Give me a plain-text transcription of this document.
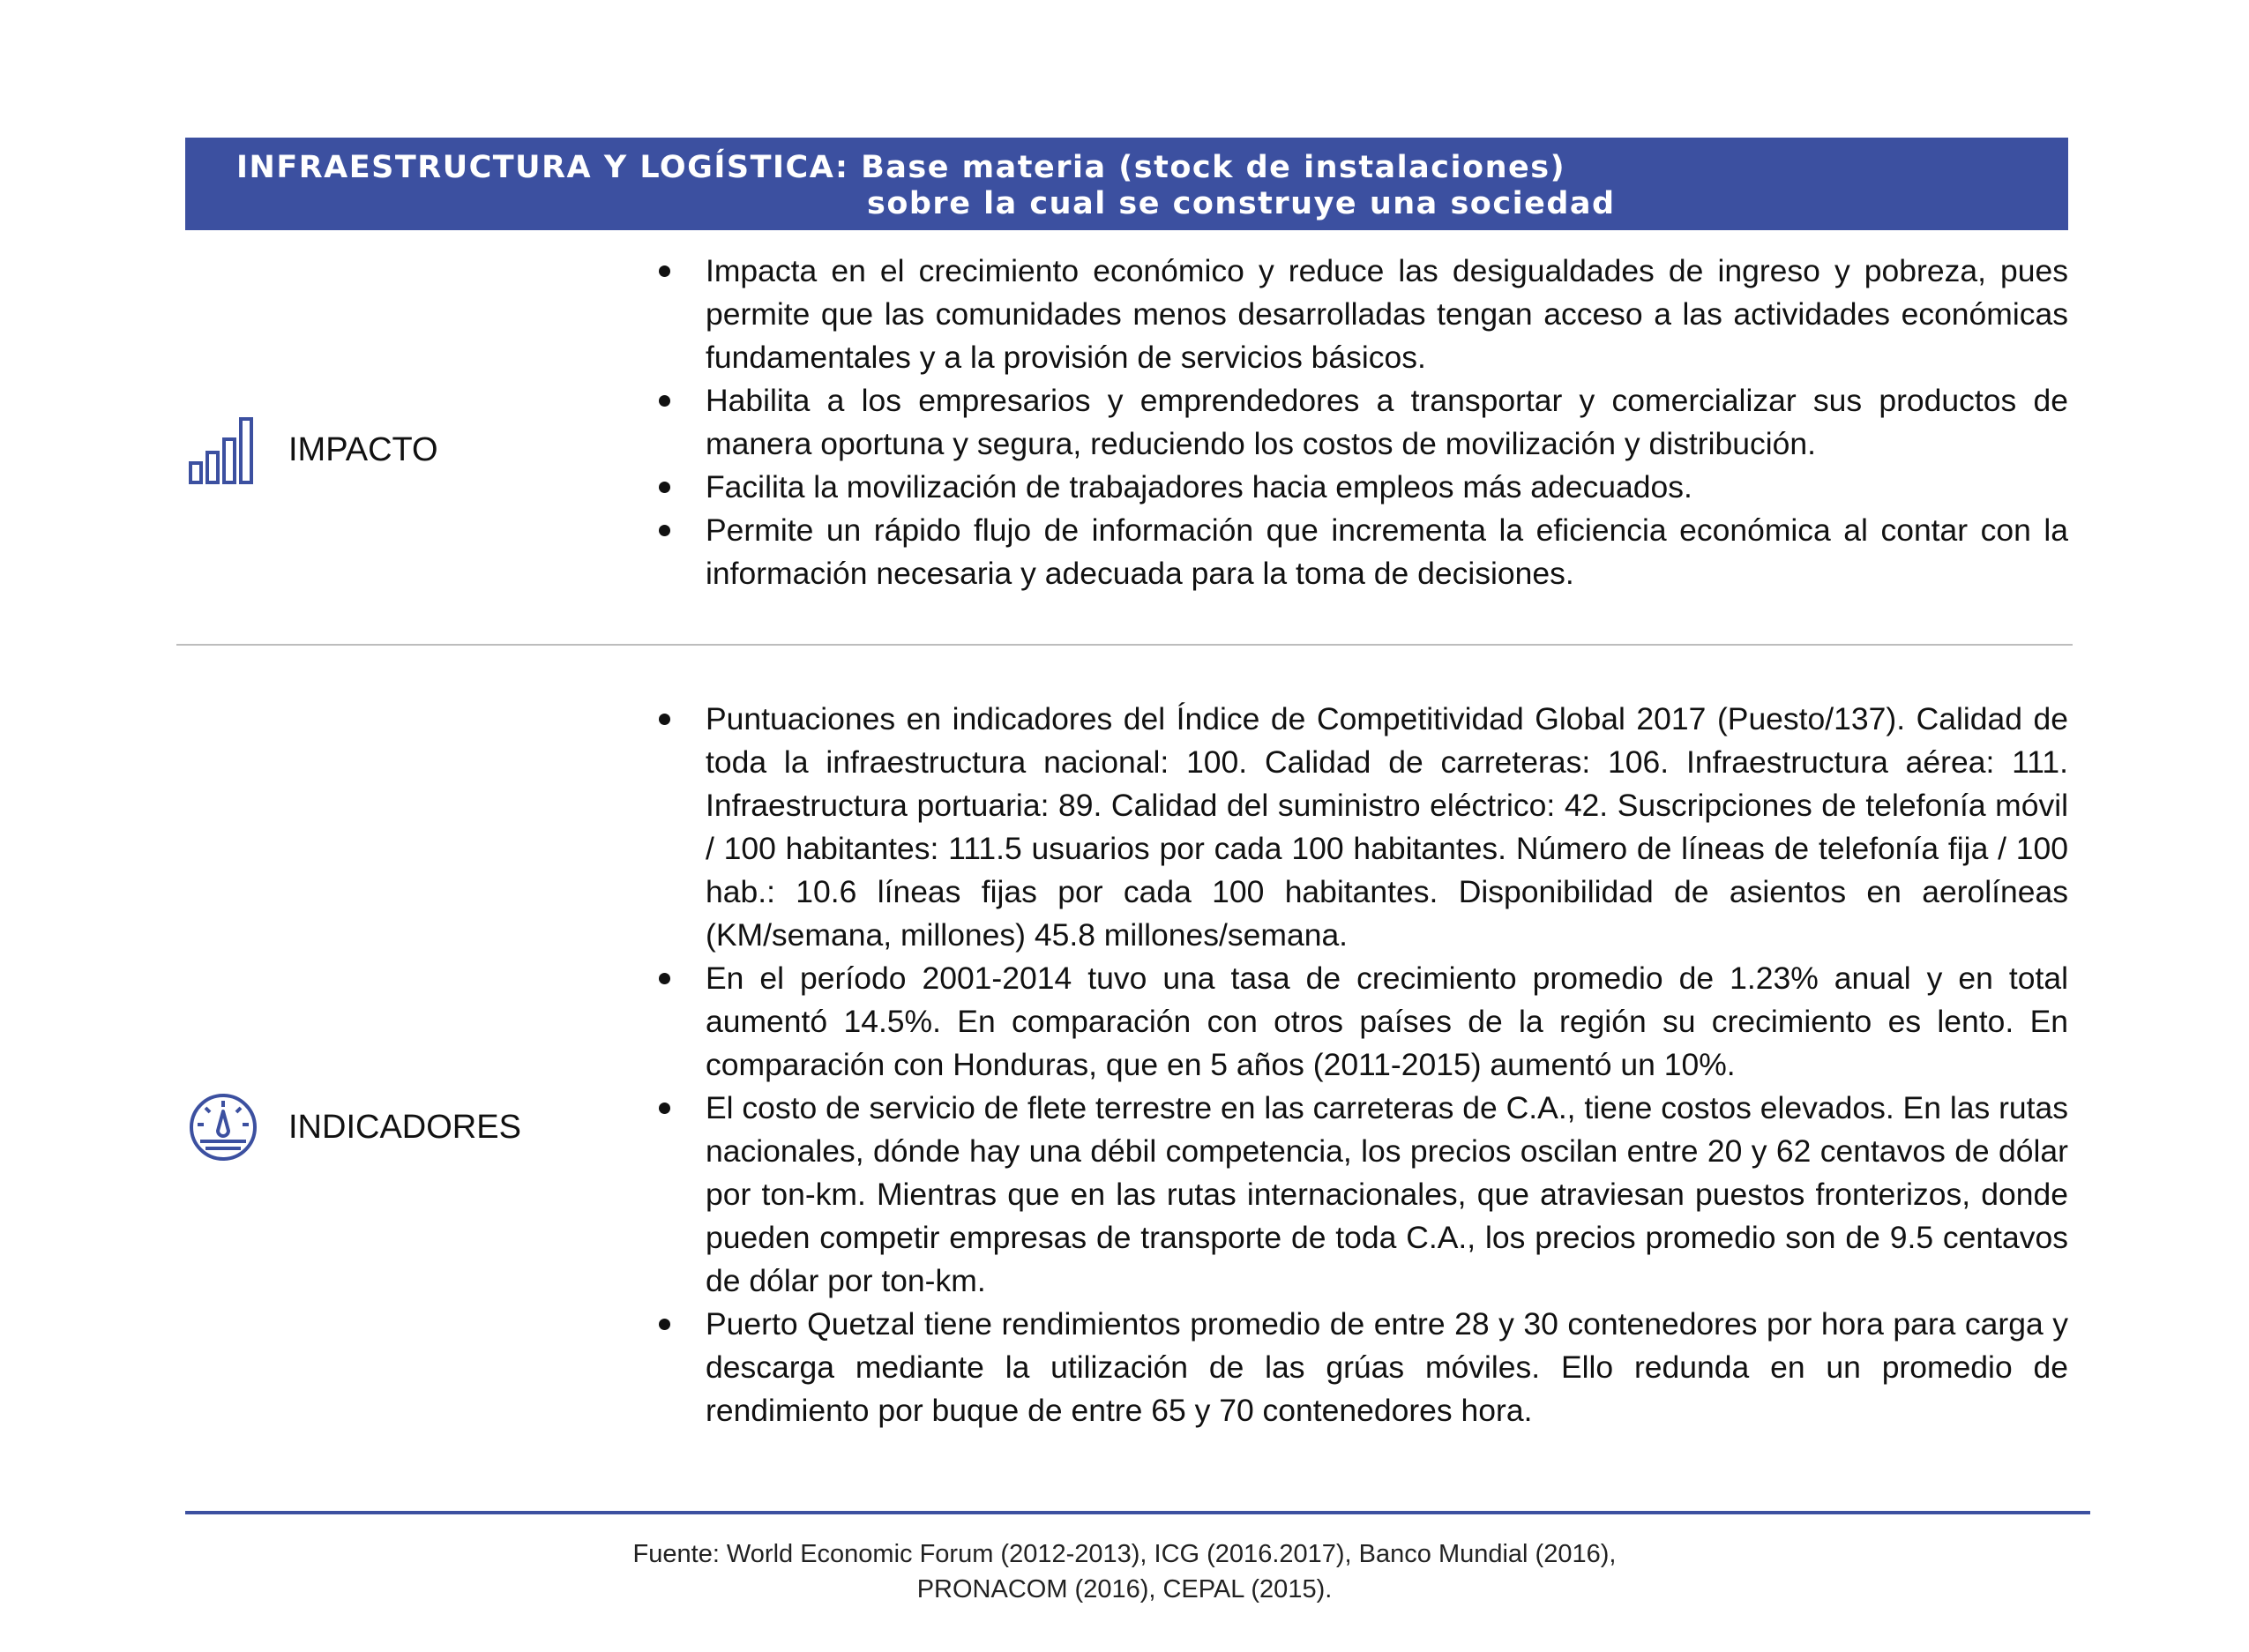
INFRAESTRUCTURA Y LOGÍSTICA: Base materia (stock de instalaciones)
sobre la cual se construye una sociedad
IMPACTO
Impacta en el crecimiento económico y reduce las desigualdades de ingreso y pobreza, pues permite que las comunidades menos desarrolladas tengan acceso a las actividades económicas fundamentales y a la provisión de servicios básicos.
Habilita a los empresarios y emprendedores a transportar y comercializar sus productos de manera oportuna y segura, reduciendo los costos de movilización y distribución.
Facilita la movilización de trabajadores hacia empleos más adecuados.
Permite un rápido flujo de información que incrementa la eficiencia económica al contar con la información necesaria y adecuada para la toma de decisiones.
INDICADORES
Puntuaciones en indicadores del Índice de Competitividad Global 2017 (Puesto/137). Calidad de toda la infraestructura nacional: 100. Calidad de carreteras: 106. Infraestructura aérea: 111. Infraestructura portuaria: 89. Calidad del suministro eléctrico: 42. Suscripciones de telefonía móvil / 100 habitantes: 111.5 usuarios por cada 100 habitantes. Número de líneas de telefonía fija / 100 hab.: 10.6 líneas fijas por cada 100 habitantes. Disponibilidad de asientos en aerolíneas (KM/semana, millones) 45.8 millones/semana.
En el período 2001-2014 tuvo una tasa de crecimiento promedio de 1.23% anual y en total aumentó 14.5%. En comparación con otros países de la región su crecimiento es lento. En comparación con Honduras, que en 5 años (2011-2015) aumentó un 10%.
El costo de servicio de flete terrestre en las carreteras de C.A., tiene costos elevados. En las rutas nacionales, dónde hay una débil competencia, los precios oscilan entre 20 y 62 centavos de dólar por ton-km. Mientras que en las rutas internacionales, que atraviesan puestos fronterizos, donde pueden competir empresas de transporte de toda C.A., los precios promedio son de 9.5 centavos de dólar por ton-km.
Puerto Quetzal tiene rendimientos promedio de entre 28 y 30 contenedores por hora para carga y descarga mediante la utilización de las grúas móviles. Ello redunda en un promedio de rendimiento por buque de entre 65 y 70 contenedores hora.
Fuente: World Economic Forum (2012-2013), ICG (2016.2017), Banco Mundial (2016),
PRONACOM (2016), CEPAL (2015).
